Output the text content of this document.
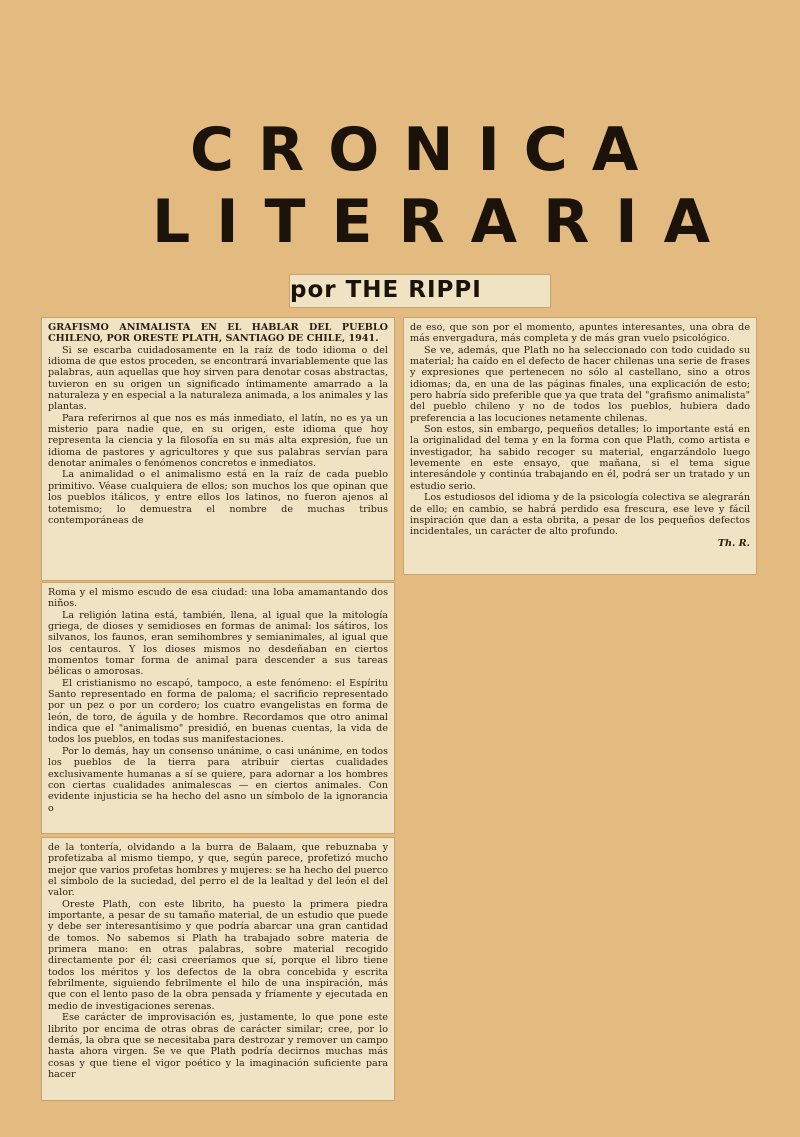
CRONICA
LITERARIA
por THE RIPPI

GRAFISMO ANIMALISTA EN EL HABLAR DEL PUEBLO CHILENO, POR ORESTE PLATH, SANTIAGO DE CHILE, 1941.

Si se escarba cuidadosamente en la raíz de todo idioma o del idioma de que estos proceden, se encontrará invariablemente que las palabras, aun aquellas que hoy sirven para denotar cosas abstractas, tuvieron en su origen un significado íntimamente amarrado a la naturaleza y en especial a la naturaleza animada, a los animales y las plantas.

Para referirnos al que nos es más inmediato, el latín, no es ya un misterio para nadie que, en su origen, este idioma que hoy representa la ciencia y la filosofía en su más alta expresión, fue un idioma de pastores y agricultores y que sus palabras servían para denotar animales o fenómenos concretos e inmediatos.

La animalidad o el animalismo está en la raíz de cada pueblo primitivo. Véase cualquiera de ellos; son muchos los que opinan que los pueblos itálicos, y entre ellos los latinos, no fueron ajenos al totemismo; lo demuestra el nombre de muchas tribus contemporáneas de

Roma y el mismo escudo de esa ciudad: una loba amamantando dos niños.

La religión latina está, también, llena, al igual que la mitología griega, de dioses y semidioses en formas de animal: los sátiros, los silvanos, los faunos, eran semihombres y semianimales, al igual que los centauros. Y los dioses mismos no desdeñaban en ciertos momentos tomar forma de animal para descender a sus tareas bélicas o amorosas.

El cristianismo no escapó, tampoco, a este fenómeno: el Espíritu Santo representado en forma de paloma; el sacrificio representado por un pez o por un cordero; los cuatro evangelistas en forma de león, de toro, de águila y de hombre. Recordamos que otro animal indica que el "animalismo" presidió, en buenas cuentas, la vida de todos los pueblos, en todas sus manifestaciones.

Por lo demás, hay un consenso unánime, o casi unánime, en todos los pueblos de la tierra para atribuir ciertas cualidades exclusivamente humanas a sí se quiere, para adornar a los hombres con ciertas cualidades animalescas — en ciertos animales. Con evidente injusticia se ha hecho del asno un símbolo de la ignorancia o

de la tontería, olvidando a la burra de Balaam, que rebuznaba y profetizaba al mismo tiempo, y que, según parece, profetizó mucho mejor que varios profetas hombres y mujeres: se ha hecho del puerco el símbolo de la suciedad, del perro el de la lealtad y del león el del valor.

Oreste Plath, con este librito, ha puesto la primera piedra importante, a pesar de su tamaño material, de un estudio que puede y debe ser interesantísimo y que podría abarcar una gran cantidad de tomos. No sabemos si Plath ha trabajado sobre materia de primera mano: en otras palabras, sobre material recogido directamente por él; casi creeríamos que sí, porque el libro tiene todos los méritos y los defectos de la obra concebida y escrita febrilmente, siguiendo febrilmente el hilo de una inspiración, más que con el lento paso de la obra pensada y fríamente y ejecutada en medio de investigaciones serenas.

Ese carácter de improvisación es, justamente, lo que pone este librito por encima de otras obras de carácter similar; cree, por lo demás, la obra que se necesitaba para destrozar y remover un campo hasta ahora virgen. Se ve que Plath podría decirnos muchas más cosas y que tiene el vigor poético y la imaginación suficiente para hacer

de eso, que son por el momento, apuntes interesantes, una obra de más envergadura, más completa y de más gran vuelo psicológico.

Se ve, además, que Plath no ha seleccionado con todo cuidado su material; ha caído en el defecto de hacer chilenas una serie de frases y expresiones que pertenecen no sólo al castellano, sino a otros idiomas; da, en una de las páginas finales, una explicación de esto; pero habría sido preferible que ya que trata del "grafismo animalista" del pueblo chileno y no de todos los pueblos, hubiera dado preferencia a las locuciones netamente chilenas.

Son estos, sin embargo, pequeños detalles; lo importante está en la originalidad del tema y en la forma con que Plath, como artista e investigador, ha sabido recoger su material, engarzándolo luego levemente en este ensayo, que mañana, si el tema sigue interesándole y continúa trabajando en él, podrá ser un tratado y un estudio serio.

Los estudiosos del idioma y de la psicología colectiva se alegrarán de ello; en cambio, se habrá perdido esa frescura, ese leve y fácil inspiración que dan a esta obrita, a pesar de los pequeños defectos incidentales, un carácter de alto profundo.

Th. R.
